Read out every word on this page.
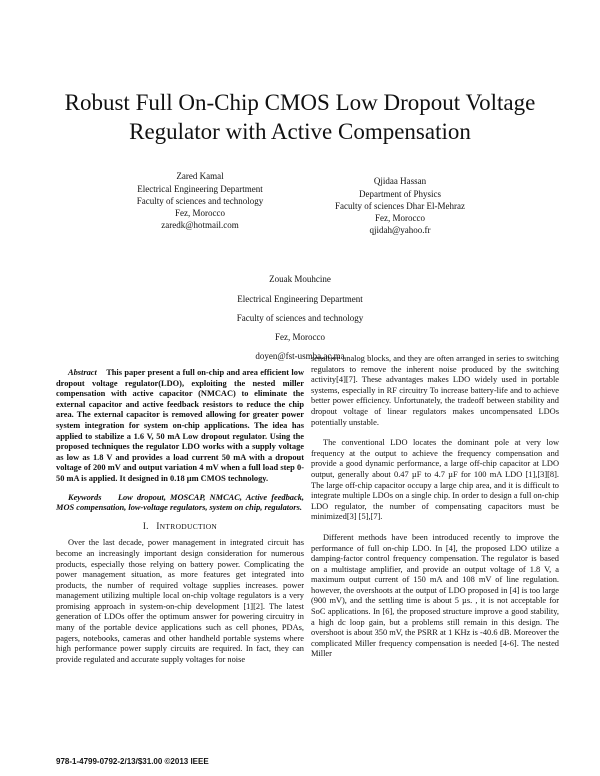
Robust Full On-Chip CMOS Low Dropout Voltage
Regulator with Active Compensation
Zared Kamal
Electrical Engineering Department
Faculty of sciences and technology
Fez, Morocco
zaredk@hotmail.com
Qjidaa Hassan
Department of Physics
Faculty of sciences Dhar El-Mehraz
Fez, Morocco
qjidah@yahoo.fr
Zouak Mouhcine
Electrical Engineering Department
Faculty of sciences and technology
Fez, Morocco
doyen@fst-usmba.ac.ma

Abstract This paper present a full on-chip and area efficient low dropout voltage regulator(LDO), exploiting the nested miller compensation with active capacitor (NMCAC) to eliminate the external capacitor and active feedback resistors to reduce the chip area. The external capacitor is removed allowing for greater power system integration for system on-chip applications. The idea has applied to stabilize a 1.6 V, 50 mA Low dropout regulator. Using the proposed techniques the regulator LDO works with a supply voltage as low as 1.8 V and provides a load current 50 mA with a dropout voltage of 200 mV and output variation 4 mV when a full load step 0-50 mA is applied. It designed in 0.18 µm CMOS technology.

Keywords Low dropout, MOSCAP, NMCAC, Active feedback, MOS compensation, low-voltage regulators, system on chip, regulators.

I. INTRODUCTION

Over the last decade, power management in integrated circuit has become an increasingly important design consideration for numerous products, especially those relying on battery power. Complicating the power management situation, as more features get integrated into products, the number of required voltage supplies increases. power management utilizing multiple local on-chip voltage regulators is a very promising approach in system-on-chip development [1][2]. The latest generation of LDOs offer the optimum answer for powering circuitry in many of the portable device applications such as cell phones, PDAs, pagers, notebooks, cameras and other handheld portable systems where high performance power supply circuits are required. In fact, they can provide regulated and accurate supply voltages for noise

sensitive analog blocks, and they are often arranged in series to switching regulators to remove the inherent noise produced by the switching activity[4][7]. These advantages makes LDO widely used in portable systems, especially in RF circuitry To increase battery-life and to achieve better power efficiency. Unfortunately, the tradeoff between stability and dropout voltage of linear regulators makes uncompensated LDOs potentially unstable.

The conventional LDO locates the dominant pole at very low frequency at the output to achieve the frequency compensation and provide a good dynamic performance, a large off-chip capacitor at LDO output, generally about 0.47 µF to 4.7 µF for 100 mA LDO [1],[3][8]. The large off-chip capacitor occupy a large chip area, and it is difficult to integrate multiple LDOs on a single chip. In order to design a full on-chip LDO regulator, the number of compensating capacitors must be minimized[3] [5],[7].

Different methods have been introduced recently to improve the performance of full on-chip LDO. In [4], the proposed LDO utilize a damping-factor control frequency compensation. The regulator is based on a multistage amplifier, and provide an output voltage of 1.8 V, a maximum output current of 150 mA and 108 mV of line regulation. however, the overshoots at the output of LDO proposed in [4] is too large (900 mV), and the settling time is about 5 µs. , it is not acceptable for SoC applications. In [6], the proposed structure improve a good stability, a high dc loop gain, but a problems still remain in this design. The overshoot is about 350 mV, the PSRR at 1 KHz is -40.6 dB. Moreover the complicated Miller frequency compensation is needed [4-6]. The nested Miller

978-1-4799-0792-2/13/$31.00 ©2013 IEEE
